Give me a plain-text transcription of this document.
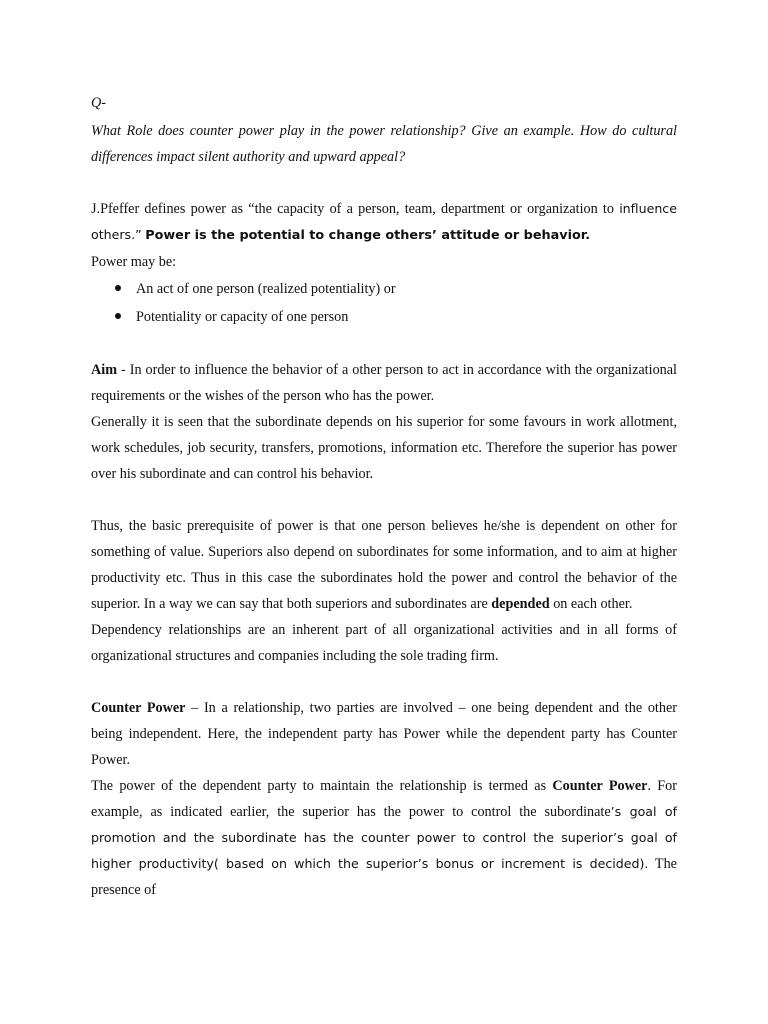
Q-

What Role does counter power play in the power relationship? Give an example. How do cultural differences impact silent authority and upward appeal?

J.Pfeffer defines power as “the capacity of a person, team, department or organization to influence others.” Power is the potential to change others’ attitude or behavior.

Power may be:

An act of one person (realized potentiality) or
Potentiality or capacity of one person

Aim - In order to influence the behavior of a other person to act in accordance with the organizational requirements or the wishes of the person who has the power.

Generally it is seen that the subordinate depends on his superior for some favours in work allotment, work schedules, job security, transfers, promotions, information etc. Therefore the superior has power over his subordinate and can control his behavior.

Thus, the basic prerequisite of power is that one person believes he/she is dependent on other for something of value. Superiors also depend on subordinates for some information, and to aim at higher productivity etc. Thus in this case the subordinates hold the power and control the behavior of the superior. In a way we can say that both superiors and subordinates are depended on each other.

Dependency relationships are an inherent part of all organizational activities and in all forms of organizational structures and companies including the sole trading firm.

Counter Power – In a relationship, two parties are involved – one being dependent and the other being independent. Here, the independent party has Power while the dependent party has Counter Power.

The power of the dependent party to maintain the relationship is termed as Counter Power. For example, as indicated earlier, the superior has the power to control the subordinate’s goal of promotion and the subordinate has the counter power to control the superior’s goal of higher productivity( based on which the superior’s bonus or increment is decided). The presence of
